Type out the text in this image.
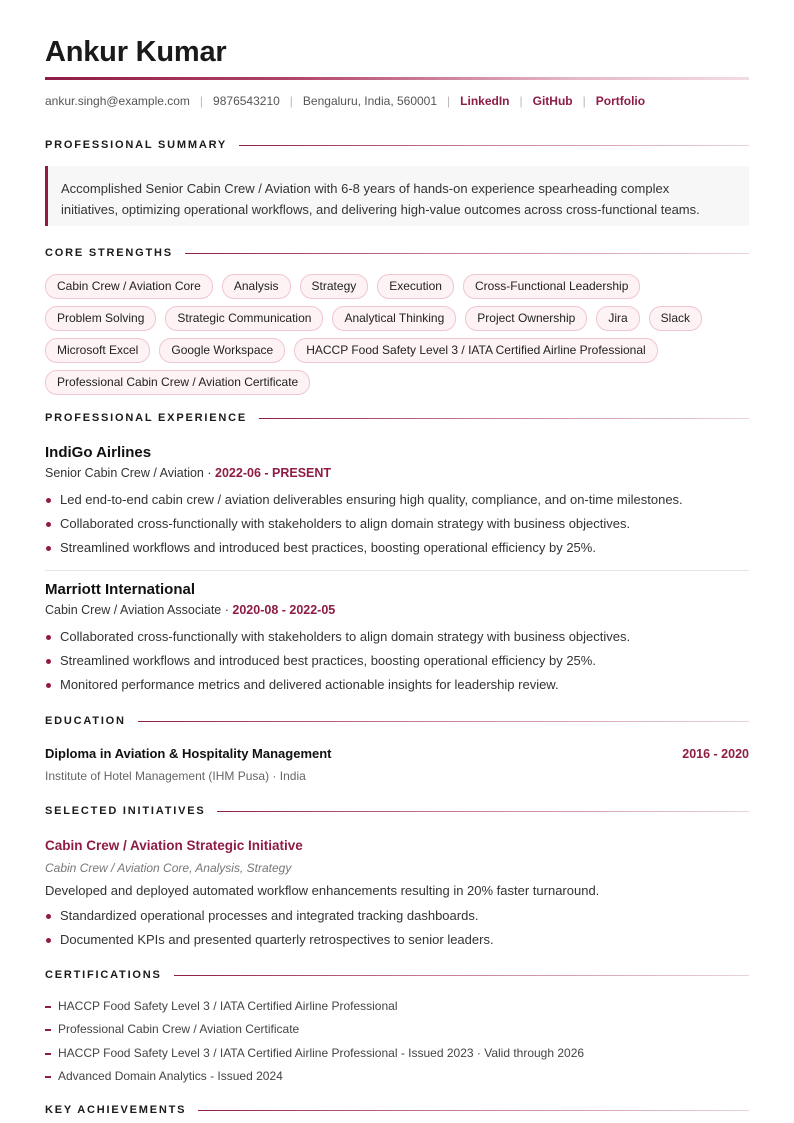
Ankur Kumar
ankur.singh@example.com | 9876543210 | Bengaluru, India, 560001 | LinkedIn | GitHub | Portfolio
PROFESSIONAL SUMMARY
Accomplished Senior Cabin Crew / Aviation with 6-8 years of hands-on experience spearheading complex
initiatives, optimizing operational workflows, and delivering high-value outcomes across cross-functional teams.
CORE STRENGTHS
Cabin Crew / Aviation Core	Analysis	Strategy	Execution	Cross-Functional Leadership
Problem Solving	Strategic Communication	Analytical Thinking	Project Ownership	Jira	Slack
Microsoft Excel	Google Workspace	HACCP Food Safety Level 3 / IATA Certified Airline Professional
Professional Cabin Crew / Aviation Certificate
PROFESSIONAL EXPERIENCE
IndiGo Airlines
Senior Cabin Crew / Aviation · 2022-06 - PRESENT
Led end-to-end cabin crew / aviation deliverables ensuring high quality, compliance, and on-time milestones.
Collaborated cross-functionally with stakeholders to align domain strategy with business objectives.
Streamlined workflows and introduced best practices, boosting operational efficiency by 25%.
Marriott International
Cabin Crew / Aviation Associate · 2020-08 - 2022-05
Collaborated cross-functionally with stakeholders to align domain strategy with business objectives.
Streamlined workflows and introduced best practices, boosting operational efficiency by 25%.
Monitored performance metrics and delivered actionable insights for leadership review.
EDUCATION
Diploma in Aviation & Hospitality Management	2016 - 2020
Institute of Hotel Management (IHM Pusa) · India
SELECTED INITIATIVES
Cabin Crew / Aviation Strategic Initiative
Cabin Crew / Aviation Core, Analysis, Strategy
Developed and deployed automated workflow enhancements resulting in 20% faster turnaround.
Standardized operational processes and integrated tracking dashboards.
Documented KPIs and presented quarterly retrospectives to senior leaders.
CERTIFICATIONS
HACCP Food Safety Level 3 / IATA Certified Airline Professional
Professional Cabin Crew / Aviation Certificate
HACCP Food Safety Level 3 / IATA Certified Airline Professional - Issued 2023 · Valid through 2026
Advanced Domain Analytics - Issued 2024
KEY ACHIEVEMENTS
